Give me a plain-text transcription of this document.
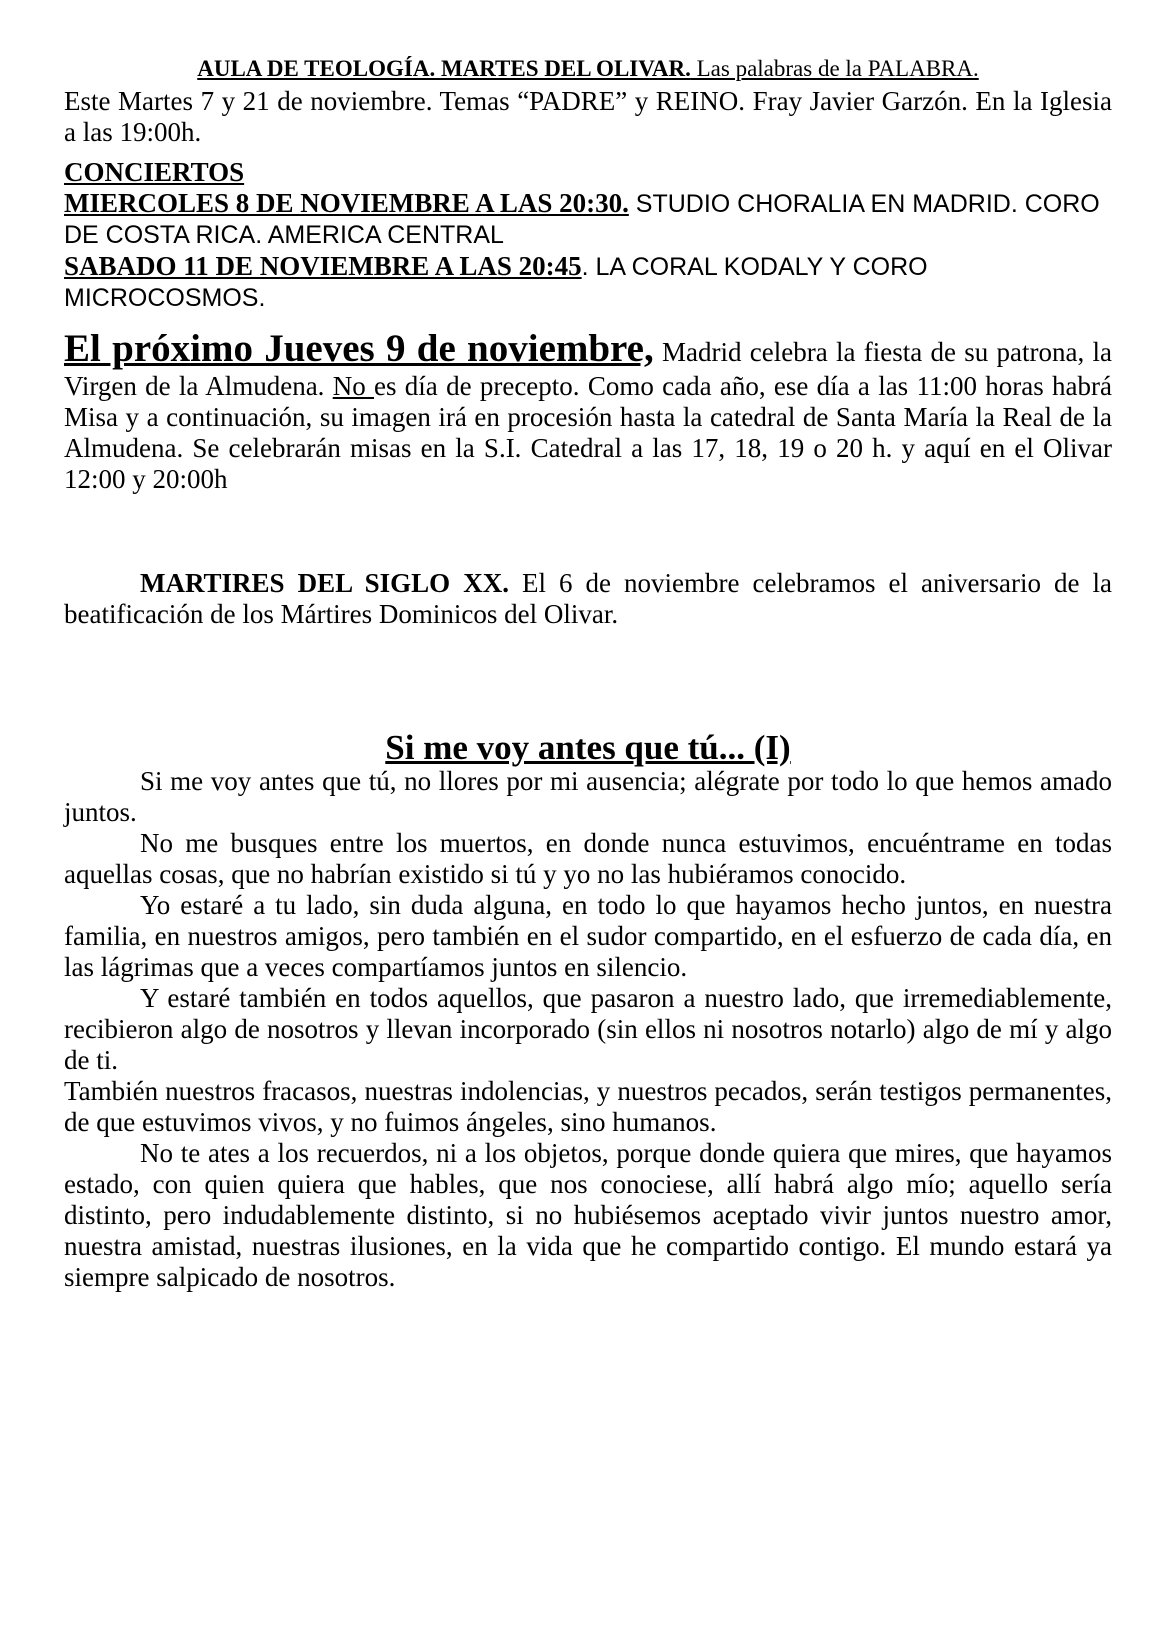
AULA DE TEOLOGÍA. MARTES DEL OLIVAR. Las palabras de la PALABRA.

Este Martes 7 y 21 de noviembre. Temas “PADRE” y REINO. Fray Javier Garzón. En la Iglesia a las 19:00h.

CONCIERTOS

MIERCOLES 8 DE NOVIEMBRE A LAS 20:30. STUDIO CHORALIA EN MADRID. CORO DE COSTA RICA. AMERICA CENTRAL

SABADO 11 DE NOVIEMBRE A LAS 20:45. LA CORAL KODALY Y CORO MICROCOSMOS.

El próximo Jueves 9 de noviembre, Madrid celebra la fiesta de su patrona, la Virgen de la Almudena. No es día de precepto. Como cada año, ese día a las 11:00 horas habrá Misa y a continuación, su imagen irá en procesión hasta la catedral de Santa María la Real de la Almudena. Se celebrarán misas en la S.I. Catedral a las 17, 18, 19 o 20 h. y aquí en el Olivar 12:00 y 20:00h

MARTIRES DEL SIGLO XX. El 6 de noviembre celebramos el aniversario de la beatificación de los Mártires Dominicos del Olivar.

Si me voy antes que tú... (I)

Si me voy antes que tú, no llores por mi ausencia; alégrate por todo lo que hemos amado juntos.

No me busques entre los muertos, en donde nunca estuvimos, encuéntrame en todas aquellas cosas, que no habrían existido si tú y yo no las hubiéramos conocido.

Yo estaré a tu lado, sin duda alguna, en todo lo que hayamos hecho juntos, en nuestra familia, en nuestros amigos, pero también en el sudor compartido, en el esfuerzo de cada día, en las lágrimas que a veces compartíamos juntos en silencio.

Y estaré también en todos aquellos, que pasaron a nuestro lado, que irremediablemente, recibieron algo de nosotros y llevan incorporado (sin ellos ni nosotros notarlo) algo de mí y algo de ti.

También nuestros fracasos, nuestras indolencias, y nuestros pecados, serán testigos permanentes, de que estuvimos vivos, y no fuimos ángeles, sino humanos.

No te ates a los recuerdos, ni a los objetos, porque donde quiera que mires, que hayamos estado, con quien quiera que hables, que nos conociese, allí habrá algo mío; aquello sería distinto, pero indudablemente distinto, si no hubiésemos aceptado vivir juntos nuestro amor, nuestra amistad, nuestras ilusiones, en la vida que he compartido contigo. El mundo estará ya siempre salpicado de nosotros.
